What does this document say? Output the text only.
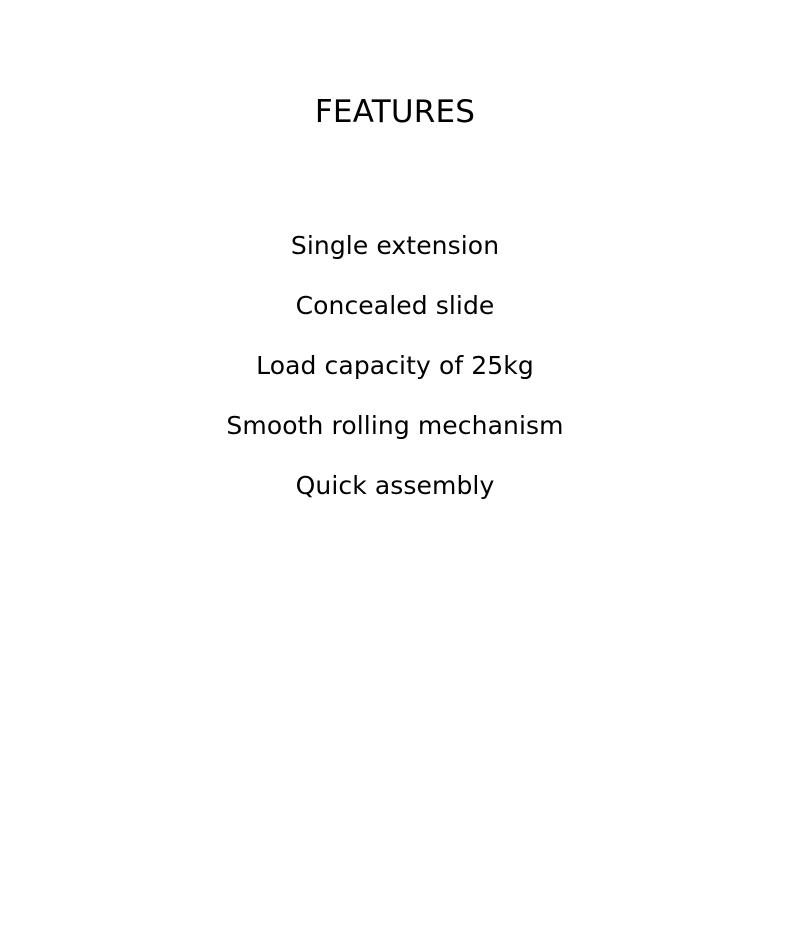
FEATURES
Single extension
Concealed slide
Load capacity of 25kg
Smooth rolling mechanism
Quick assembly
